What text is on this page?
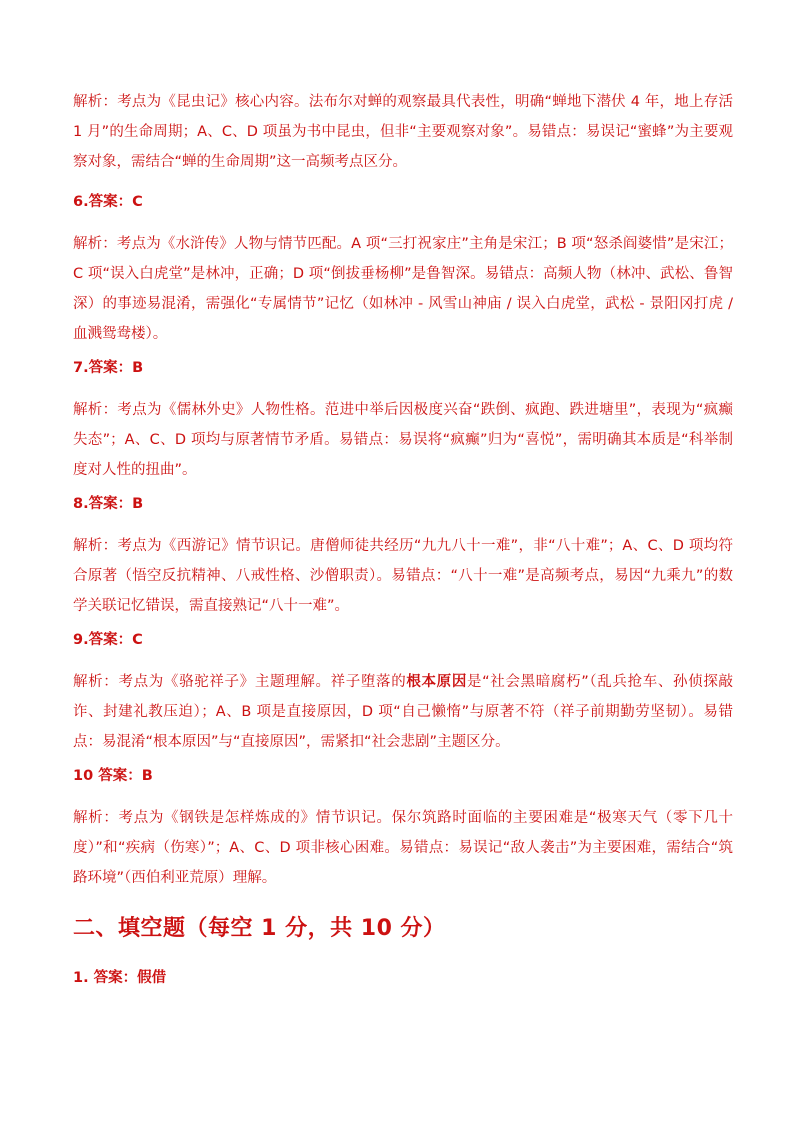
解析：考点为《昆虫记》核心内容。法布尔对蝉的观察最具代表性，明确“蝉地下潜伏 4 年，地上存活 1 月”的生命周期；A、C、D 项虽为书中昆虫，但非“主要观察对象”。易错点：易误记“蜜蜂”为主要观察对象，需结合“蝉的生命周期”这一高频考点区分。

6.答案：C

解析：考点为《水浒传》人物与情节匹配。A 项“三打祝家庄”主角是宋江；B 项“怒杀阎婆惜”是宋江；C 项“误入白虎堂”是林冲，正确；D 项“倒拔垂杨柳”是鲁智深。易错点：高频人物（林冲、武松、鲁智深）的事迹易混淆，需强化“专属情节”记忆（如林冲 - 风雪山神庙 / 误入白虎堂，武松 - 景阳冈打虎 / 血溅鸳鸯楼）。

7.答案：B

解析：考点为《儒林外史》人物性格。范进中举后因极度兴奋“跌倒、疯跑、跌进塘里”，表现为“疯癫失态”；A、C、D 项均与原著情节矛盾。易错点：易误将“疯癫”归为“喜悦”，需明确其本质是“科举制度对人性的扭曲”。

8.答案：B

解析：考点为《西游记》情节识记。唐僧师徒共经历“九九八十一难”，非“八十难”；A、C、D 项均符合原著（悟空反抗精神、八戒性格、沙僧职责）。易错点：“八十一难”是高频考点，易因“九乘九”的数学关联记忆错误，需直接熟记“八十一难”。

9.答案：C

解析：考点为《骆驼祥子》主题理解。祥子堕落的根本原因是“社会黑暗腐朽”（乱兵抢车、孙侦探敲诈、封建礼教压迫）；A、B 项是直接原因，D 项“自己懒惰”与原著不符（祥子前期勤劳坚韧）。易错点：易混淆“根本原因”与“直接原因”，需紧扣“社会悲剧”主题区分。

10 答案：B

解析：考点为《钢铁是怎样炼成的》情节识记。保尔筑路时面临的主要困难是“极寒天气（零下几十度）”和“疾病（伤寒）”；A、C、D 项非核心困难。易错点：易误记“敌人袭击”为主要困难，需结合“筑路环境”（西伯利亚荒原）理解。

二、填空题（每空 1 分，共 10 分）

1. 答案：假借
